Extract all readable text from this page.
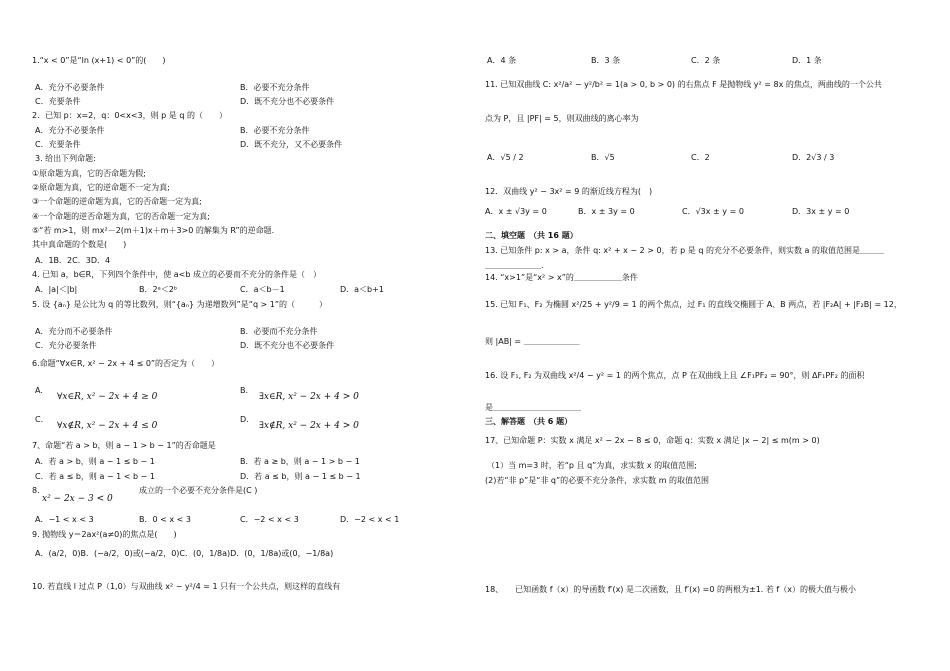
1.“x < 0”是“ln (x+1) < 0”的(　　)
A．充分不必要条件	B．必要不充分条件
C．充要条件	D．既不充分也不必要条件
2．已知 p：x=2，q：0<x<3，则 p 是 q 的（　　）
A．充分不必要条件	B．必要不充分条件
C．充要条件	D．既不充分，又不必要条件
3. 给出下列命题:
①原命题为真，它的否命题为假;
②原命题为真，它的逆命题不一定为真;
③一个命题的逆命题为真，它的否命题一定为真;
④一个命题的逆否命题为真，它的否命题一定为真;
⑤“若 m>1，则 mx²－2(m＋1)x＋m＋3>0 的解集为 R”的逆命题.
其中真命题的个数是(　　)
A．1B．2C．3D．4
4. 已知 a，b∈R，下列四个条件中，使 a<b 成立的必要而不充分的条件是（　）
A．|a|＜|b|	B．2ᵃ＜2ᵇ	C．a＜b－1	D．a＜b+1
5. 设 {aₙ} 是公比为 q 的等比数列，则“{aₙ} 为递增数列”是“q > 1”的（　　　）
A．充分而不必要条件	B．必要而不充分条件
C．充分必要条件	D．既不充分也不必要条件
6.命题“∀x∈R, x² − 2x + 4 ≤ 0”的否定为（　　）
A.
∀x∈R, x² − 2x + 4 ≥ 0
B.
∃x∈R, x² − 2x + 4 > 0
C.
∀x∉R, x² − 2x + 4 ≤ 0
D.
∃x∉R, x² − 2x + 4 > 0
7、命题“若 a > b，则 a − 1 > b − 1”的否命题是
A．若 a > b，则 a − 1 ≤ b − 1	B．若 a ≥ b，则 a − 1 > b − 1
C．若 a ≤ b，则 a − 1 < b − 1	D．若 a ≤ b，则 a − 1 ≤ b − 1
8．
x² − 2x − 3 < 0
成立的一个必要不充分条件是(C )
A．−1 < x < 3	B．0 < x < 3	C．−2 < x < 3	D．−2 < x < 1
9. 抛物线 y＝2ax²(a≠0)的焦点是(　　)
A．(a/2，0)B．(−a/2，0)或(−a/2，0)C．(0，1/8a)D．(0，1/8a)或(0，−1/8a)
10. 若直线 l 过点 P（1,0）与双曲线 x² − y²/4 = 1 只有一个公共点，则这样的直线有
A．4 条	B．3 条	C．2 条	D．1 条
11. 已知双曲线 C: x²/a² − y²/b² = 1(a > 0, b > 0) 的右焦点 F 是抛物线 y² = 8x 的焦点，两曲线的一个公共
点为 P，且 |PF| = 5，则双曲线的离心率为
A．√5 / 2	B．√5	C．2	D．2√3 / 3
12．双曲线 y² − 3x² = 9 的渐近线方程为(　)
A．x ± √3y = 0	B．x ± 3y = 0	C．√3x ± y = 0	D．3x ± y = 0
二、填空题　（共 16 题）
13. 已知条件 p: x > a，条件 q: x² + x − 2 > 0，若 p 是 q 的充分不必要条件，则实数 a 的取值范围是＿＿＿
＿＿＿＿＿＿＿.
14. “x>1”是“x² > x”的＿＿＿＿＿＿条件
15. 已知 F₁、F₂ 为椭圆 x²/25 + y²/9 = 1 的两个焦点，过 F₁ 的直线交椭圆于 A、B 两点，若 |F₂A| + |F₂B| = 12，
则 |AB| = ＿＿＿＿＿＿＿
16. 设 F₁, F₂ 为双曲线 x²/4 − y² = 1 的两个焦点，点 P 在双曲线上且 ∠F₁PF₂ = 90°，则 ΔF₁PF₂ 的面积
是＿＿＿＿＿＿＿＿＿＿＿
三、解答题　（共 6 题）
17、已知命题 P：实数 x 满足 x² − 2x − 8 ≤ 0，命题 q：实数 x 满足 |x − 2| ≤ m(m > 0)
（1）当 m=3 时，若“p 且 q”为真，求实数 x 的取值范围;
(2)若“非 p”是“非 q”的必要不充分条件，求实数 m 的取值范围
18、　　已知函数 f（x）的导函数 f′(x) 是二次函数，且 f′(x) =0 的两根为±1. 若 f（x）的极大值与极小
